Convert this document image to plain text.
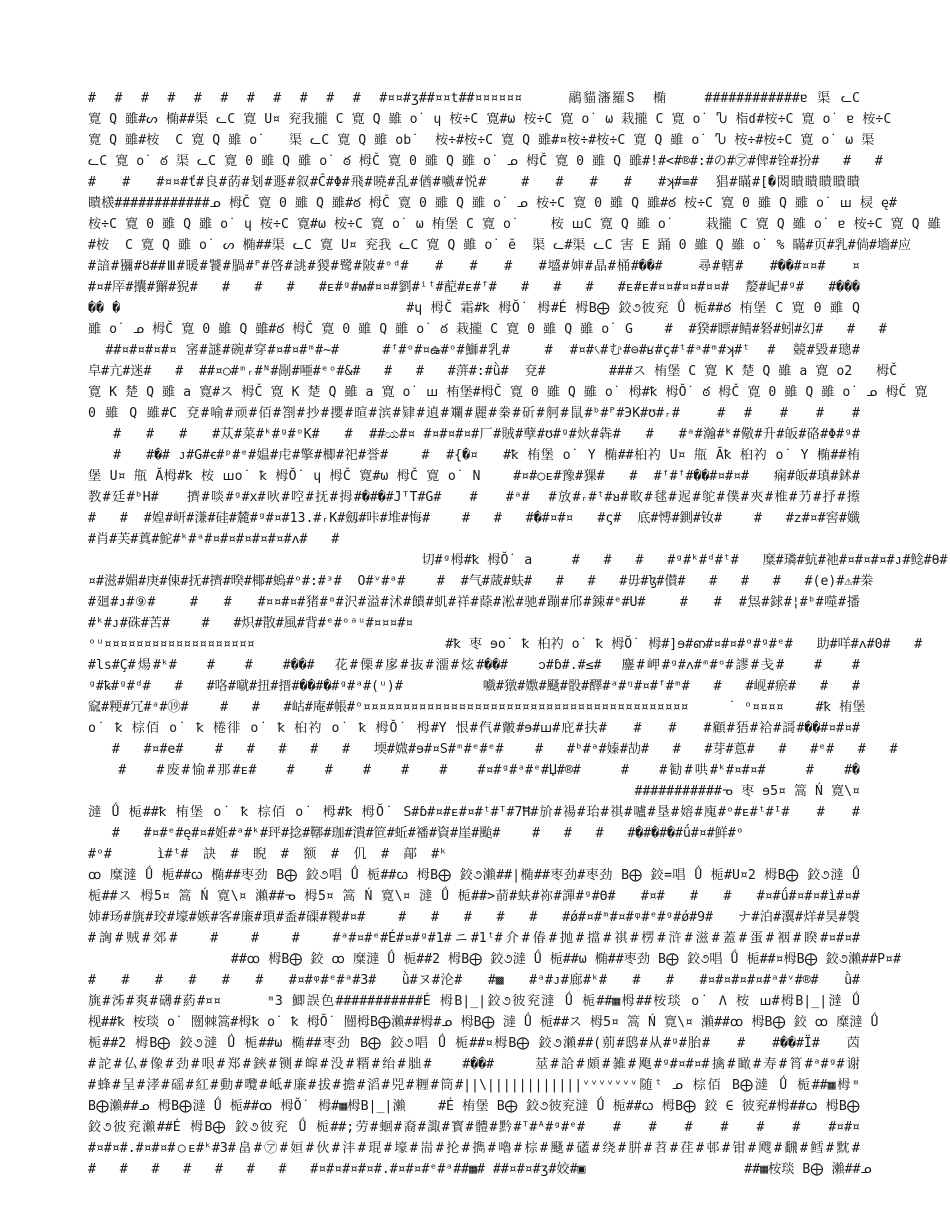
#  #  #  #  #  #  #  #  #  #  #  #¤¤#ʒ##¤¤t##¤¤¤¤¤¤     鷊貓瀋羅Տ  椭    ############ɐ 渠 ᓚC
寛 Q 雖#ᔕ 椭##渠 ᓚC 寛 U¤ 兖我攏 C 寛 Q 雖 o˙ ɥ 桉÷C 寛#ω 桉÷C 寛 o˙ ω 栽攏 C 寛 o˙ Ⴠ 栺ɗ#桉÷C 寛 o˙ ɐ 桉÷C
寛 Q 雖#桉  C 寛 Q 雖 o˙   渠 ᓚC 寛 Q 雖 ob˙  桉÷#桉÷C 寛 Q 雖#¤桉÷#桉÷C 寛 Q 雖 o˙ Ⴠ 桉÷#桉÷C 寛 o˙ ω 渠
ᓚC 寛 o˙ ఠ 渠 ᓚC 寛 0 雖 Q 雖 o˙ ఠ 栂Č 寛 0 雖 Q 雖 o˙ ᓄ 栂Č 寛 0 雖 Q 雖#!#<#®#:#の#㋐#俾#铨#扮#   #   #
#   #   #¤¤#ť#良#菂#刬#遯#叙#Ĉ#Φ#飛#曉#乱#偤#嚱#悦#    #   #   #   #   #ʞ#≡#  猖#瞞#[�閦瞶瞶瞶瞶瞶
瞶檨############ᓄ 栂Č 寛 0 雖 Q 雖#ఠ 栂Č 寛 0 雖 Q 雖 o˙ ᓄ 桉÷C 寛 0 雖 Q 雖#ఠ 桉÷C 寛 0 雖 Q 雖 o˙ ꟺ 棂 ę#
桉÷C 寛 0 雖 Q 雖 o˙ ɥ 桉÷C 寛#ω 桉÷C 寛 o˙ ω 栯堡 C 寛 o˙    桉 ꟺC 寛 Q 雖 o˙    栽攏 C 寛 Q 雖 o˙ ɐ 桉÷C 寛 Q 雖
#桉  C 寛 Q 雖 o˙ ᔕ 椭##渠 ᓚC 寛 U¤ 兖我 ᓚC 寛 Q 雖 o˙ ĕ  渠 ᓚ#渠 ᓚC 害 E 踊 0 雖 Q 雖 o˙ % 瞞#页#乳#倘#墻#应
#諳#獼#ȣ##Ⅲ#暖#饕#腡#ᴾ#啓#誂#猣#鹭#陂#ᵒᵈ#   #   #   #   #墭#婶#晶#桶#��#    尋#轄#   #��#¤¤#   ¤
#¤#厗#攮#獬#猊#   #   #   #   #ᴇ#ᵍ#ᴍ#¤¤#劉#ⁱᵗ#蓜#ᴇ#ᶠ#   #   #   #   #ᴇ#ᴇ#¤¤#¤¤#¤¤#  嫠#屺#ᵍ#   #���
�� �                                  #ɥ 栂Č 霜#ꝁ 栂Ŏ˙ 栂#É 栂B⨁ 鉸૭彼兖 Ǘ 栀##ఠ 栯堡 C 寛 0 雖 Q
雖 o˙ ᓄ 栂Č 寛 0 雖 Q 雖#ఠ 栂Č 寛 0 雖 Q 雖 o˙ ఠ 栽攏 C 寛 0 雖 Q 雖 o˙ G    #  #猤#瞟#鲭#砮#蚓#幻#   #   #
##¤#¤#¤#¤ 宻#謎#碗#穿#¤#¤#ᵐ#~#     #ᶠ#ᵒ#¤ఉ#ᵒ#鰤#乳#    #  #¤#৻#む#⊖#ʁ#ç#ᵗ#ᵃ#ᵐ#ʞ#ᵗ  #  競#毀#璁#
皁#亢#迷#   #  ##¤○#ᵐᵣ#ᴺ#剮#唖#ᵉᵒ#&#   #   #   #蓱#:#ǜ#  兗#        ###ス 栯堡 C 寛 K 楚 Q 雖 a 寛 o2   栂Č
寛 K 楚 Q 雖 a 寛#ス 栂Č 寛 K 楚 Q 雖 a 寛 o˙ ꟺ 栯堡#栂Č 寛 0 雖 Q 雖 o˙ 栂#ꝁ 栂Ŏ˙ ఠ 栂Č 寛 0 雖 Q 雖 o˙ ᓄ 栂Č 寛
0 雖 Q 雖#C 兗#喻#顽#佰#劄#抄#攖#暄#滨#肄#遉#斕#麗#䅈#斫#舸#鼠#ᵇ#ᴾ#ЭK#ʊ#ᵣ#    #  #   #   #   #
#   #   #   #苁#菜#ᵏ#ᵍ#ᵒK#   #  ##ಯ#¤ #¤#¤#¤#厂#賊#孽#ʊ#ᵍ#炏#犇#   #   #ᵃ#瀚#ᵏ#儆#升#皈#硌#Φ#ᵍ#
#   #�# ᴊ#G#ꞓ#ᵖ#ᵉ#媪#虍#擎#楖#祀#誉#    #  #{�¤   #ꝁ 栯堡 o˙ Y 椭##桕礿 U¤ 甁 Ăꝁ 桕礿 o˙ Y 椭##栯
堡 U¤ 甁 Ă栂#ꝁ 桉 ꟺo˙ ꝁ 栂Ŏ˙ ɥ 栂Č 寛#ω 栂Č 寛 o˙ N    #¤#○ᴇ#豫#猓#   #  #ᶠ#ᶠ#��#¤#¤#   痫#皈#瑱#鉥#
教#廷#ᵇH#   擠#啖#ᵍ#x#吙#啌#抚#拇#�#�#JᵀT#G#   #   #ᵃ#  #放#ᵣ#ᵗ#ᴚ#畋#毬#迡#鸵#僕#夾#椎#芀#抒#攃
#   #  #媓#岍#溓#硅#麓#ᵍ#¤#13.#ᵣK#劔#咔#堆#悔#    #   #   #�#¤#¤   #ς#  底#愽#鍘#钕#    #   #ᴢ#¤#窖#孅
#肖#芙#蒖#鮀#ᵏ#ᵃ#¤#¤#¤#¤#¤#ᴧ#   #
切#ᵍ栂#ꝁ 栂Ŏ˙ a     #   #   #   #ᵍ#ᵏ#ᵈ#ᵗ#   糜#璘#蚢#祂#¤#¤#¤#ᴊ#鲶#θ#
¤#滋#媚#庚#倲#抚#擠#暌#椰#螐#ᵒ#:#ᵌ#  O#ᵛ#ᵃ#    #  #气#蒧#蚨#   #   #   #毋#ɮ#儧#   #   #   #   #(e)#⚠#桊
#廻#ᴊ#⑨#    #   #   #¤¤#¤#猪#ᵅ#沢#溢#沭#饋#虮#祥#蒢#凇#驰#蹦#邤#鋉#ᵉ#U#    #   #  #炰#銶#¦#ᵇ#噬#播
#ᵏ#ᴊ#硃#苦#    #   #炽#散#風#背#ᵉ#ᵒᵃᵘ#¤¤¤#¤
ᵒᵘ¤¤¤¤¤¤¤¤¤¤¤¤¤¤¤¤¤¤¤                        #ꝁ 枣 ɘo˙ ꝁ 桕礿 o˙ ꝁ 栂Ŏ˙ 栂#]ɘ#ഩ#¤#¤#ᵅ#ᵍ#ᵉ#   助#咩#ᴧ#0#   #
#ls#Ç#煬#ᵏ#   #   #   #��#  花#傈#扅#抜#澑#炫#��#   ᴐ#ɓ#.#≤#  鏖#岬#ᵍ#ᴧ#ᵐ#ᵒ#謬#戋#   #   #
ᵍ#ꝅ#ᵍ#ᵈ#   #   #咯#噈#扭#搢#��#�#ᵍ#ᵃ#(ᵘ)#          嚱#獤#嫐#颾#骰#醳#ᵃ#ᵑ#¤#ᶠ#ᵐ#   #   #岘#瘀#   #   #
窳#粳#冗#ᵃ#⑲#    #   #   #岵#庵#帳#ᵒ¤¤¤¤¤¤¤¤¤¤¤¤¤¤¤¤¤¤¤¤¤¤¤¤¤¤¤¤¤¤¤¤¤¤¤¤¤¤¤¤¤     ˙ ᵒ¤¤¤¤    #ꝁ 栯堡
o˙ ꝁ 棕佰 o˙ ꝁ 棬徘 o˙ ꝁ 桕礿 o˙ ꝁ 栂Ŏ˙ 栂#Y 恨#㐹#皾#ɘ#ꟺ#庇#扶#   #   #   #顧#㹳#袷#謌#��#¤#¤#
#   #¤#e#    #   #   #   #   #   堧#媺#ɘ#¤S#ᵐ#ᵉ#ᵉ#    #   #ᵇ#ᵃ#嫀#劼#   #   #芽#蒠#   #   #ᵉ#   #   #
#   #废#愉#那#ᴇ#   #   #   #   #   #   #¤#ᵍ#ᵃ#ᵉ#Џ#®#    #   #勧#哄#ᵏ#¤#¤#    #   #�
###########ᓀ 枣 ɘ5¤ 篙 Ń 寛\¤
澾 Ǘ 栀##ꝁ 栯堡 o˙ ꝁ 棕佰 o˙ 栂#ꝁ 栂Ŏ˙ S#ɓ#¤#ᴇ#¤#ᵗ#ᵀ#7Ħ#斺#禓#珆#祺#嚧#垦#嫆#廆#ᵒ#ᴇ#ᵗ#ᴵ#   #   #
#   #¤#ᵉ#ę#¤#姙#ᵃ#ᵏ#玶#捻#鞹#珈#潰#笸#蚯#襎#資#崖#颱#    #   #   #   #�#�#�#ǘ#¤#鲜#ᵒ
#ᵒ#  ì#ᵗ#訣#睨#额#仉#鄗#ᵏ
ꝏ 糜澾 Ǘ 栀##ꞷ 椭##枣劲 B⨁ 鉸૭唱 Ǘ 栀##ꞷ 栂B⨁ 鉸૭瀨##|椭##枣劲#枣劲 B⨁ 鉸=唱 Ǘ 栀#U¤2 栂B⨁ 鉸૭澾 Ǘ
栀##ス 栂5¤ 篙 Ń 寛\¤ 瀨##ᓀ 栂5¤ 篙 Ń 寛\¤ 澾 Ǘ 栀##>葥#蚨#祢#譂#ᵍ#Θ#   #¤#   #   #   #¤#ǘ#¤#¤#ì#¤#
姉#玚#旐#珓#壕#嫉#客#廉#瑣#盉#磲#糉#¤#    #   #   #   #   #   #ǿ#¤#ᵐ#¤#ᵠ#ᵉ#ᵍ#ǿ#9#   ナ#泊#瀷#烊#昊#褩
#詾#贼#郊#   #   #   #   #ᵃ#¤#ᵉ#É#¤#ᵍ#1#ニ#1ᵗ#介#偆#抛#擋#祺#楞#浒#滋#蓋#蛋#裀#睽#¤#¤#
##ꝏ 栂B⨁ 鉸 ꝏ 糜澾 Ǘ 栀##2 栂B⨁ 鉸૭澾 Ǘ 栀##ω 椭##枣劲 B⨁ 鉸૭唱 Ǘ 栀##¤栂B⨁ 鉸૭瀨##P¤#
#   #   #   #   #   #   #¤#ᵠ#ᵉ#ᵃ#3#   ǜ#ヌ#沦#   #▩   #ᵃ#ᴊ#廊#ᵏ#   #   #   #¤#¤#¤#¤#ᵃ#ᵛ#®#   ǜ#
旐#泲#爽#礴#葯#¤¤     ᵐ3 鯽誤色###########É 栂B|_|鉸૭彼兖澾 Ǘ 栀##▦栂##桉琰 o˙ Λ 桉 ꟺ#栂B|_|澾 Ǘ
枧##ꝁ 桉琰 o˙ 闓棘篙#栂ꝁ o˙ ꝁ 栂Ŏ˙ 闓栂B⨁瀨##栂#ᓄ 栂B⨁ 澾 Ǘ 栀##ス 栂5¤ 篙 Ń 寛\¤ 瀨##ꝏ 栂B⨁ 鉸 ꝏ 糜澾 Ǘ
栀##2 栂B⨁ 鉸૭澾 Ǘ 栀##ω 椭##枣劲 B⨁ 鉸૭唱 Ǘ 栀##¤栂B⨁ 鉸૭瀨##(莂#鸱#从#ᵍ#胎#   #   #��#Ï#   苬
#詑#仏#像#劲#哏#郑#鋏#铡#皡#没#糈#绐#胐#   #��#    莁#詥#頗#雑#飑#ᵍ#¤#¤#擒#瞰#寿#筲#ᵃ#ᵍ#谢
#蜂#呈#涍#磘#紅#動#囕#岻#廉#拔#擔#滔#兕#糎#筒#||\||||||||||||ᵛᵛᵛᵛᵛᵛᵛ随ᵗ ᓄ 棕佰 B⨁澾 Ǘ 栀##▦栂ᵐ
B⨁瀨##ᓄ 栂B⨁澾 Ǘ 栀##ꝏ 栂Ŏ˙ 栂#▦栂B|_|瀨    #É 栯堡 B⨁ 鉸૭彼兖澾 Ǘ 栀##ꞷ 栂B⨁ 鉸 ∈ 彼兖#栂##ꞷ 栂B⨁
鉸૭彼兖瀨##É 栂B⨁ 鉸૭彼兖 Ǘ 栀##;劳#蛔#裔#諏#寳#體#黔#ᵀ#ᴬ#ᵍ#ᵉ#   #   #   #   #   #   #   #¤#¤
#¤#¤#.#¤#¤#○ᴇ#ᵏ#3#畠#㋐#姮#伙#沣#琨#壕#耑#抡#擕#嚕#棕#颾#礚#绕#腁#苕#荏#邨#钳#飕#飜#鳕#黕#
#   #   #   #   #   #   #   #¤#¤#¤#¤#.#¤#¤#ᵉ#ᵃ##▦# ##¤#¤#ʒ#姣#▣                    ##▦桉琰 B⨁ 瀨##ᓄ
